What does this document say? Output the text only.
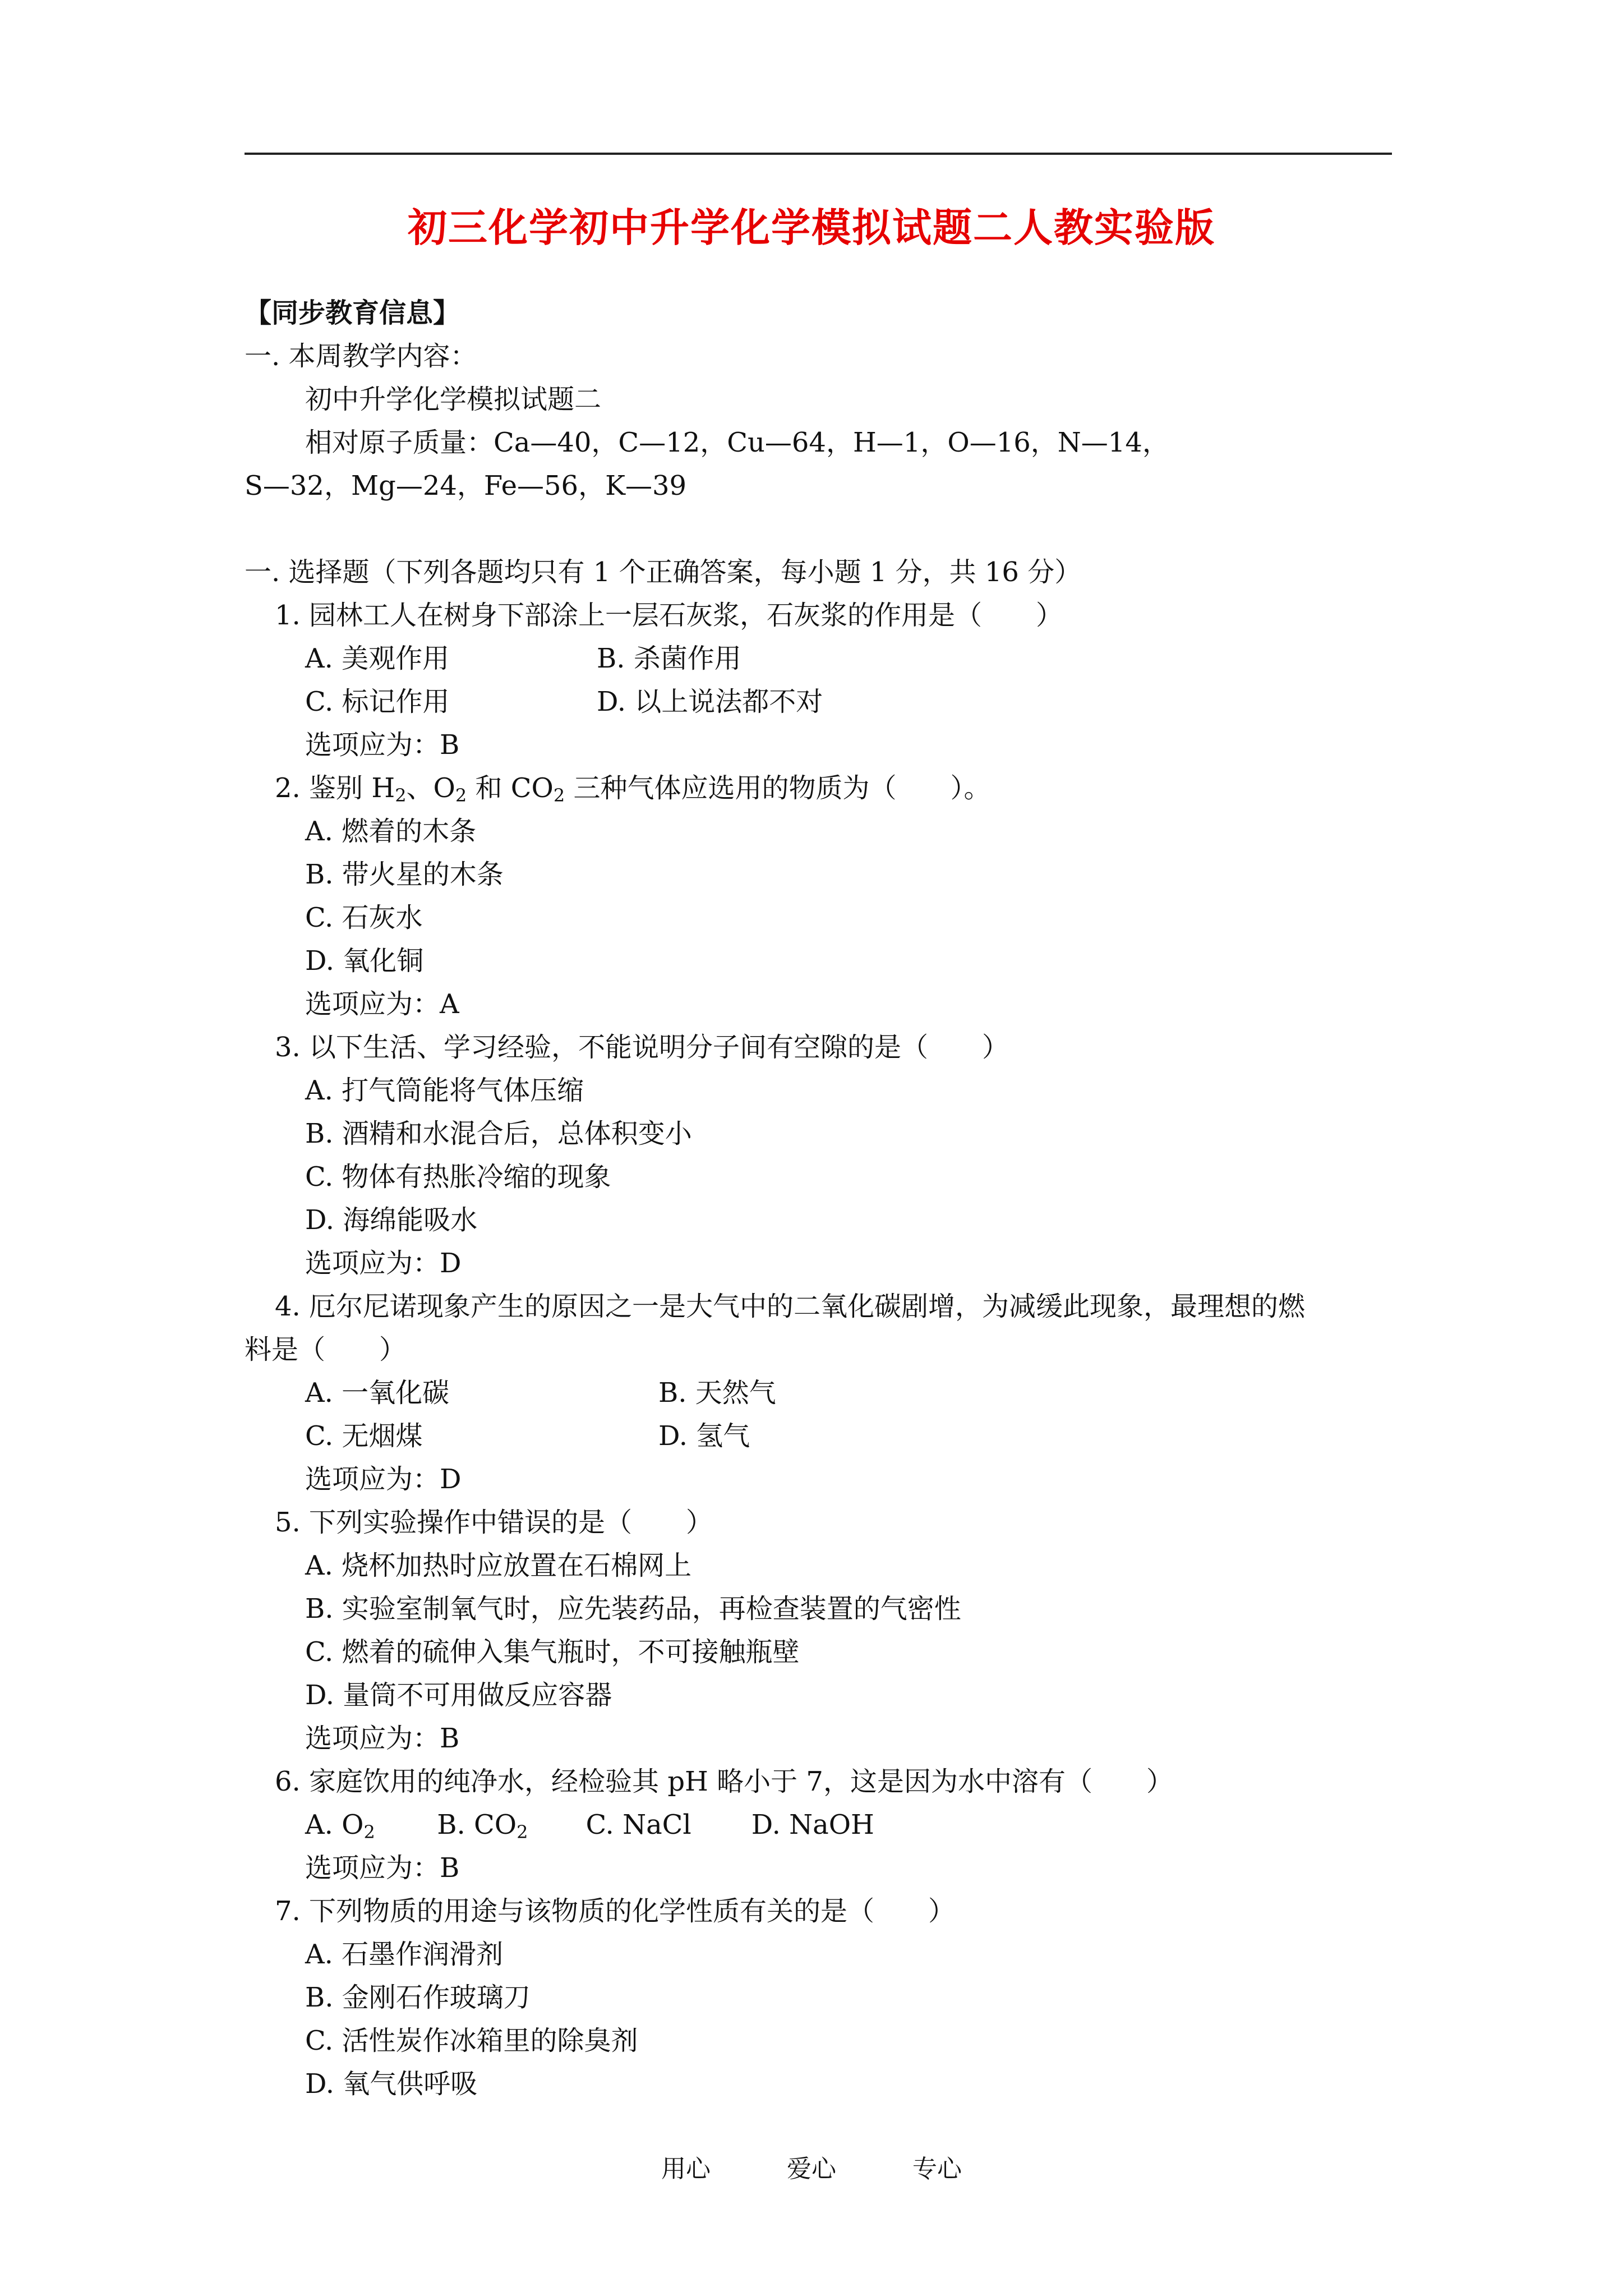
初三化学初中升学化学模拟试题二人教实验版
【同步教育信息】
一. 本周教学内容：
初中升学化学模拟试题二
相对原子质量：Ca—40，C—12，Cu—64，H—1，O—16，N—14，
S—32，Mg—24，Fe—56，K—39
一. 选择题（下列各题均只有 1 个正确答案，每小题 1 分，共 16 分）
1. 园林工人在树身下部涂上一层石灰浆，石灰浆的作用是（　　）
A. 美观作用	B. 杀菌作用
C. 标记作用	D. 以上说法都不对
选项应为：B
2. 鉴别 $H_2$、$O_2$ 和 $CO_2$ 三种气体应选用的物质为（　　）。
A. 燃着的木条
B. 带火星的木条
C. 石灰水
D. 氧化铜
选项应为：A
3. 以下生活、学习经验，不能说明分子间有空隙的是（　　）
A. 打气筒能将气体压缩
B. 酒精和水混合后，总体积变小
C. 物体有热胀冷缩的现象
D. 海绵能吸水
选项应为：D
4. 厄尔尼诺现象产生的原因之一是大气中的二氧化碳剧增，为减缓此现象，最理想的燃
料是（　　）
A. 一氧化碳	B. 天然气
C. 无烟煤	D. 氢气
选项应为：D
5. 下列实验操作中错误的是（　　）
A. 烧杯加热时应放置在石棉网上
B. 实验室制氧气时，应先装药品，再检查装置的气密性
C. 燃着的硫伸入集气瓶时，不可接触瓶壁
D. 量筒不可用做反应容器
选项应为：B
6. 家庭饮用的纯净水，经检验其 pH 略小于 7，这是因为水中溶有（　　）
A. $O_2$ B. $CO_2$ C. NaCl D. NaOH
选项应为：B
7. 下列物质的用途与该物质的化学性质有关的是（　　）
A. 石墨作润滑剂
B. 金刚石作玻璃刀
C. 活性炭作冰箱里的除臭剂
D. 氧气供呼吸
用心	爱心	专心
